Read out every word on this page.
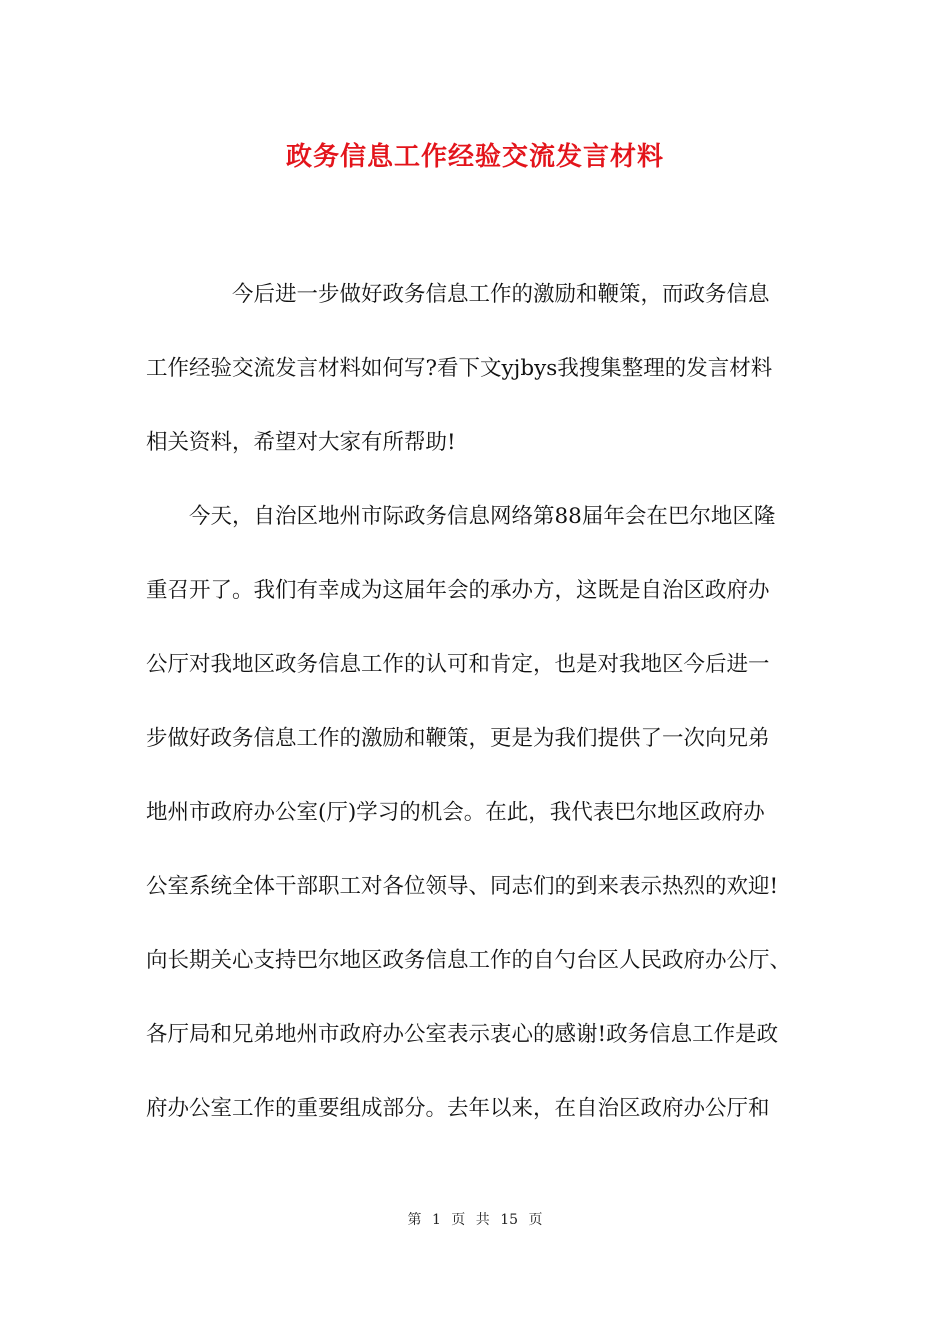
政务信息工作经验交流发言材料
今后进一步做好政务信息工作的激励和鞭策，而政务信息
工作经验交流发言材料如何写?看下文yjbys我搜集整理的发言材料
相关资料，希望对大家有所帮助!
今天，自治区地州市际政务信息网络第88届年会在巴尔地区隆
重召开了。我们有幸成为这届年会的承办方，这既是自治区政府办
公厅对我地区政务信息工作的认可和肯定，也是对我地区今后进一
步做好政务信息工作的激励和鞭策，更是为我们提供了一次向兄弟
地州市政府办公室(厅)学习的机会。在此，我代表巴尔地区政府办
公室系统全体干部职工对各位领导、同志们的到来表示热烈的欢迎!
向长期关心支持巴尔地区政务信息工作的自勺台区人民政府办公厅、
各厅局和兄弟地州市政府办公室表示衷心的感谢!政务信息工作是政
府办公室工作的重要组成部分。去年以来，在自治区政府办公厅和
第 1 页 共 15 页
